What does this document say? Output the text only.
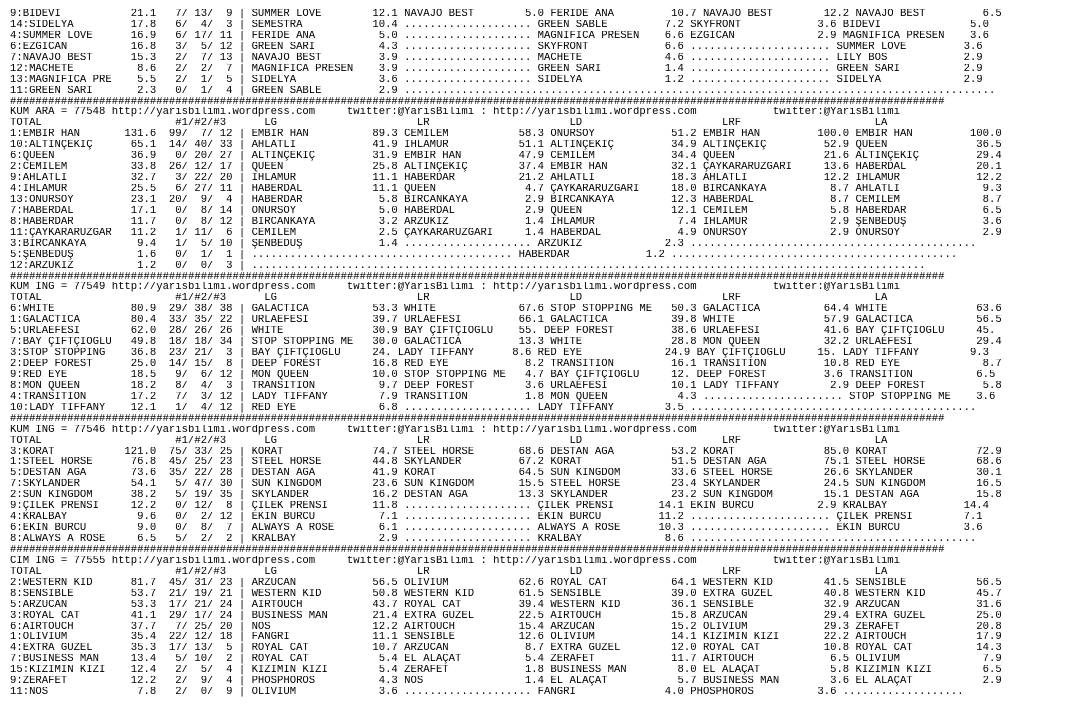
9:BİDEVİ           21.1   7/ 13/  9 | SUMMER LOVE        12.1 NAVAJO BEST        5.0 FERİDE ANA         10.7 NAVAJO BEST        12.2 NAVAJO BEST         6.5
14:SİDELYA         17.8   6/  4/  3 | SEMESTRA           10.4 .................... GREEN SABLE         7.2 SKYFRONT            3.6 BİDEVİ              5.0
4:SUMMER LOVE      16.9   6/ 17/ 11 | FERİDE ANA          5.0 .................... MAGNIFICA PRESEN    6.6 EZGİCAN             2.9 MAGNIFICA PRESEN    3.6
6:EZGİCAN          16.8   3/  5/ 12 | GREEN SARI          4.3 .................... SKYFRONT            6.6 ...................... SUMMER LOVE         3.6
7:NAVAJO BEST      15.3   2/  7/ 13 | NAVAJO BEST         3.9 .................... MACHETE             4.6 ...................... LILY BOS            2.9
12:MACHETE          8.6   2/  2/  7 | MAGNIFICA PRESEN    3.9 .................... GREEN SARI          1.4 ...................... GREEN SARI          2.9
13:MAGNIFICA PRE    5.5   2/  1/  5 | SİDELYA             3.6 .................... SİDELYA             1.2 ...................... SİDELYA             2.9
11:GREEN SARI       2.3   0/  1/  4 | GREEN SABLE         2.9 .............................................................................................
###################################################################################################################################################
KUM ARA = 77548 http://yarisbilimi.wordpress.com     twitter:@YarisBilimi : http://yarisbilimi.wordpress.com            twitter:@YarisBilimi
TOTAL                     #1/#2/#3      LG                      LR                      LD                      LRF                     LA
1:EMBİR HAN       131.6  99/  7/ 12 | EMBİR HAN          89.3 CEMİLEM           58.3 ONURSOY            51.2 EMBİR HAN         100.0 EMBİR HAN         100.0
10:ALTINÇEKİÇ      65.1  14/ 40/ 33 | AHLATLI            41.9 IHLAMUR           51.1 ALTINÇEKİÇ         34.9 ALTINÇEKİÇ         52.9 QUEEN              36.5
6:QUEEN            36.9   0/ 20/ 27 | ALTINÇEKİÇ         31.9 EMBİR HAN         47.9 CEMİLEM            34.4 QUEEN              21.6 ALTINÇEKİÇ         29.4
2:CEMİLEM          33.8  26/ 12/ 17 | QUEEN              25.8 ALTINÇEKİÇ        37.4 EMBİR HAN          32.1 ÇAYKARARÜZGARI     13.6 HABERDAL           20.1
9:AHLATLI          32.7   3/ 22/ 20 | IHLAMUR            11.1 HABERDAR          21.2 AHLATLI            18.3 AHLATLI            12.2 IHLAMUR            12.2
4:IHLAMUR          25.5   6/ 27/ 11 | HABERDAL           11.1 QUEEN              4.7 ÇAYKARARÜZGARI     18.0 BİRCANKAYA          8.7 AHLATLI             9.3
13:ONURSOY         23.1  20/  9/  4 | HABERDAR            5.8 BİRCANKAYA         2.9 BİRCANKAYA         12.3 HABERDAL            8.7 CEMİLEM             8.7
7:HABERDAL         17.1   0/  8/ 14 | ONURSOY             5.0 HABERDAL           2.9 QUEEN              12.1 CEMİLEM             5.8 HABERDAR            6.5
8:HABERDAR         11.7   0/  8/ 12 | BİRCANKAYA          3.2 ARZUKIZ            1.4 IHLAMUR             7.4 IHLAMUR             2.9 ŞENBEDÜŞ            3.6
11:ÇAYKARARÜZGAR   11.2   1/ 11/  6 | CEMİLEM             2.5 ÇAYKARARÜZGARI     1.4 HABERDAL            4.9 ONURSOY             2.9 ONURSOY             2.9
3:BİRCANKAYA        9.4   1/  5/ 10 | ŞENBEDÜŞ            1.4 .................... ARZUKIZ             2.3 .............................................
5:ŞENBEDÜŞ          1.6   0/  1/  1 | ......................................... HABERDAR            1.2 .............................................
12:ARZUKIZ          1.2   0/  0/  3 | ..........................................................................................................
###################################################################################################################################################
KUM ING = 77549 http://yarisbilimi.wordpress.com     twitter:@YarisBilimi : http://yarisbilimi.wordpress.com            twitter:@YarisBilimi
TOTAL                     #1/#2/#3      LG                      LR                      LD                      LRF                     LA
6:WHITE            80.9  29/ 38/ 38 | GALACTICA          53.3 WHITE             67.6 STOP STOPPING ME   50.3 GALACTICA          64.4 WHITE              63.6
1:GALACTICA        80.4  33/ 35/ 22 | URLAEFESİ          39.7 URLAEFESİ         66.1 GALACTICA          39.8 WHITE              57.9 GALACTICA          56.5
5:URLAEFESİ        62.0  28/ 26/ 26 | WHITE              30.9 BAY ÇİFTÇİOĞLU    55. DEEP FOREST         38.6 URLAEFESİ          41.6 BAY ÇİFTÇİOĞLU     45.
7:BAY ÇİFTÇİOĞLU   49.8  18/ 18/ 34 | STOP STOPPING ME   30.0 GALACTICA         13.3 WHITE              28.8 MON QUEEN          32.2 URLAEFESİ          29.4
3:STOP STOPPING    36.8  23/ 21/  3 | BAY ÇİFTÇİOĞLU     24. LADY TIFFANY      8.6 RED EYE             24.9 BAY ÇİFTÇİOĞLU     15. LADY TIFFANY        9.3
2:DEEP FOREST      25.0  14/ 15/  8 | DEEP FOREST        16.8 RED EYE            8.2 TRANSITION         16.1 TRANSITION         10.8 RED EYE             8.7
9:RED EYE          18.5   9/  6/ 12 | MON QUEEN          10.0 STOP STOPPING ME   4.7 BAY ÇİFTÇİOĞLU     12. DEEP FOREST         3.6 TRANSITION          6.5
8:MON QUEEN        18.2   8/  4/  3 | TRANSITION          9.7 DEEP FOREST        3.6 URLAEFESİ          10.1 LADY TIFFANY        2.9 DEEP FOREST         5.8
4:TRANSITION       17.2   7/  3/ 12 | LADY TIFFANY        7.9 TRANSITION         1.8 MON QUEEN           4.3 ...................... STOP STOPPING ME    3.6
10:LADY TIFFANY    12.1   1/  4/ 12 | RED EYE             6.8 .................... LADY TIFFANY        3.5 .............................................
###################################################################################################################################################
KUM ING = 77546 http://yarisbilimi.wordpress.com     twitter:@YarisBilimi : http://yarisbilimi.wordpress.com            twitter:@YarisBilimi
TOTAL                     #1/#2/#3      LG                      LR                      LD                      LRF                     LA
3:KORAT           121.0  75/ 33/ 25 | KORAT              74.7 STEEL HORSE       68.6 DESTAN AGA         53.2 KORAT              85.0 KORAT              72.9
1:STEEL HORSE      76.8  45/ 25/ 23 | STEEL HORSE        44.8 SKYLANDER         67.2 KORAT              51.5 DESTAN AGA         75.1 STEEL HORSE        68.6
5:DESTAN AGA       73.6  35/ 22/ 28 | DESTAN AGA         41.9 KORAT             64.5 SUN KINGDOM        33.6 STEEL HORSE        26.6 SKYLANDER          30.1
7:SKYLANDER        54.1   5/ 47/ 30 | SUN KINGDOM        23.6 SUN KINGDOM       15.5 STEEL HORSE        23.4 SKYLANDER          24.5 SUN KINGDOM        16.5
2:SUN KINGDOM      38.2   5/ 19/ 35 | SKYLANDER          16.2 DESTAN AGA        13.3 SKYLANDER          23.2 SUN KINGDOM        15.1 DESTAN AGA         15.8
9:ÇİLEK PRENSİ     12.2   0/ 12/  8 | ÇİLEK PRENSİ       11.8 .................... ÇİLEK PRENSİ       14.1 EKİN BURCU          2.9 KRALBAY            14.4
4:KRALBAY           9.6   0/  2/ 12 | EKİN BURCU          7.1 .................... EKİN BURCU         11.2 ...................... ÇİLEK PRENSİ        7.1
6:EKİN BURCU        9.0   0/  8/  7 | ALWAYS A ROSE       6.1 .................... ALWAYS A ROSE      10.3 ...................... EKİN BURCU          3.6
8:ALWAYS A ROSE     6.5   5/  2/  2 | KRALBAY             2.9 .................... KRALBAY             8.6 .............................................
###################################################################################################################################################
CIM ING = 77555 http://yarisbilimi.wordpress.com     twitter:@YarisBilimi : http://yarisbilimi.wordpress.com            twitter:@YarisBilimi
TOTAL                     #1/#2/#3      LG                      LR                      LD                      LRF                     LA
2:WESTERN KID      81.7  45/ 31/ 23 | ARZUCAN            56.5 OLIVIUM           62.6 ROYAL CAT          64.1 WESTERN KID        41.5 SENSIBLE           56.5
8:SENSIBLE         53.7  21/ 19/ 21 | WESTERN KID        50.8 WESTERN KID       61.5 SENSIBLE           39.0 EXTRA GÜZEL        40.8 WESTERN KID        45.7
5:ARZUCAN          53.3  17/ 21/ 24 | AIRTOUCH           43.7 ROYAL CAT         39.4 WESTERN KID        36.1 SENSIBLE           32.9 ARZUCAN            31.6
3:ROYAL CAT        41.1  29/ 17/ 24 | BUSINESS MAN       21.4 EXTRA GÜZEL       22.5 AIRTOUCH           15.8 ARZUCAN            29.4 EXTRA GÜZEL        25.0
6:AIRTOUCH         37.7   7/ 25/ 20 | NOS                12.2 AIRTOUCH          15.4 ARZUCAN            15.2 OLIVIUM            29.3 ZERAFET            20.8
1:OLIVIUM          35.4  22/ 12/ 18 | FANGRI             11.1 SENSIBLE          12.6 OLIVIUM            14.1 KIZIMIN KIZI       22.2 AIRTOUCH           17.9
4:EXTRA GÜZEL      35.3  17/ 13/  5 | ROYAL CAT          10.7 ARZUCAN            8.7 EXTRA GÜZEL        12.0 ROYAL CAT          10.8 ROYAL CAT          14.3
7:BUSINESS MAN     13.4   5/ 10/  2 | ROYAL CAT           5.4 EL ALAÇAT          5.4 ZERAFET            11.7 AIRTOUCH            6.5 OLIVIUM             7.9
15:KIZIMIN KIZI    12.4   2/  5/  4 | KIZIMIN KIZI        5.4 ZERAFET            1.8 BUSINESS MAN        8.0 EL ALAÇAT           5.8 KIZIMIN KIZI        6.5
9:ZERAFET          12.2   2/  9/  4 | PHOSPHOROS          4.3 NOS                1.4 EL ALAÇAT           5.7 BUSINESS MAN        3.6 EL ALAÇAT           2.9
11:NOS              7.8   2/  0/  9 | OLIVIUM             3.6 .................... FANGRI              4.0 PHOSPHOROS          3.6 ...................
